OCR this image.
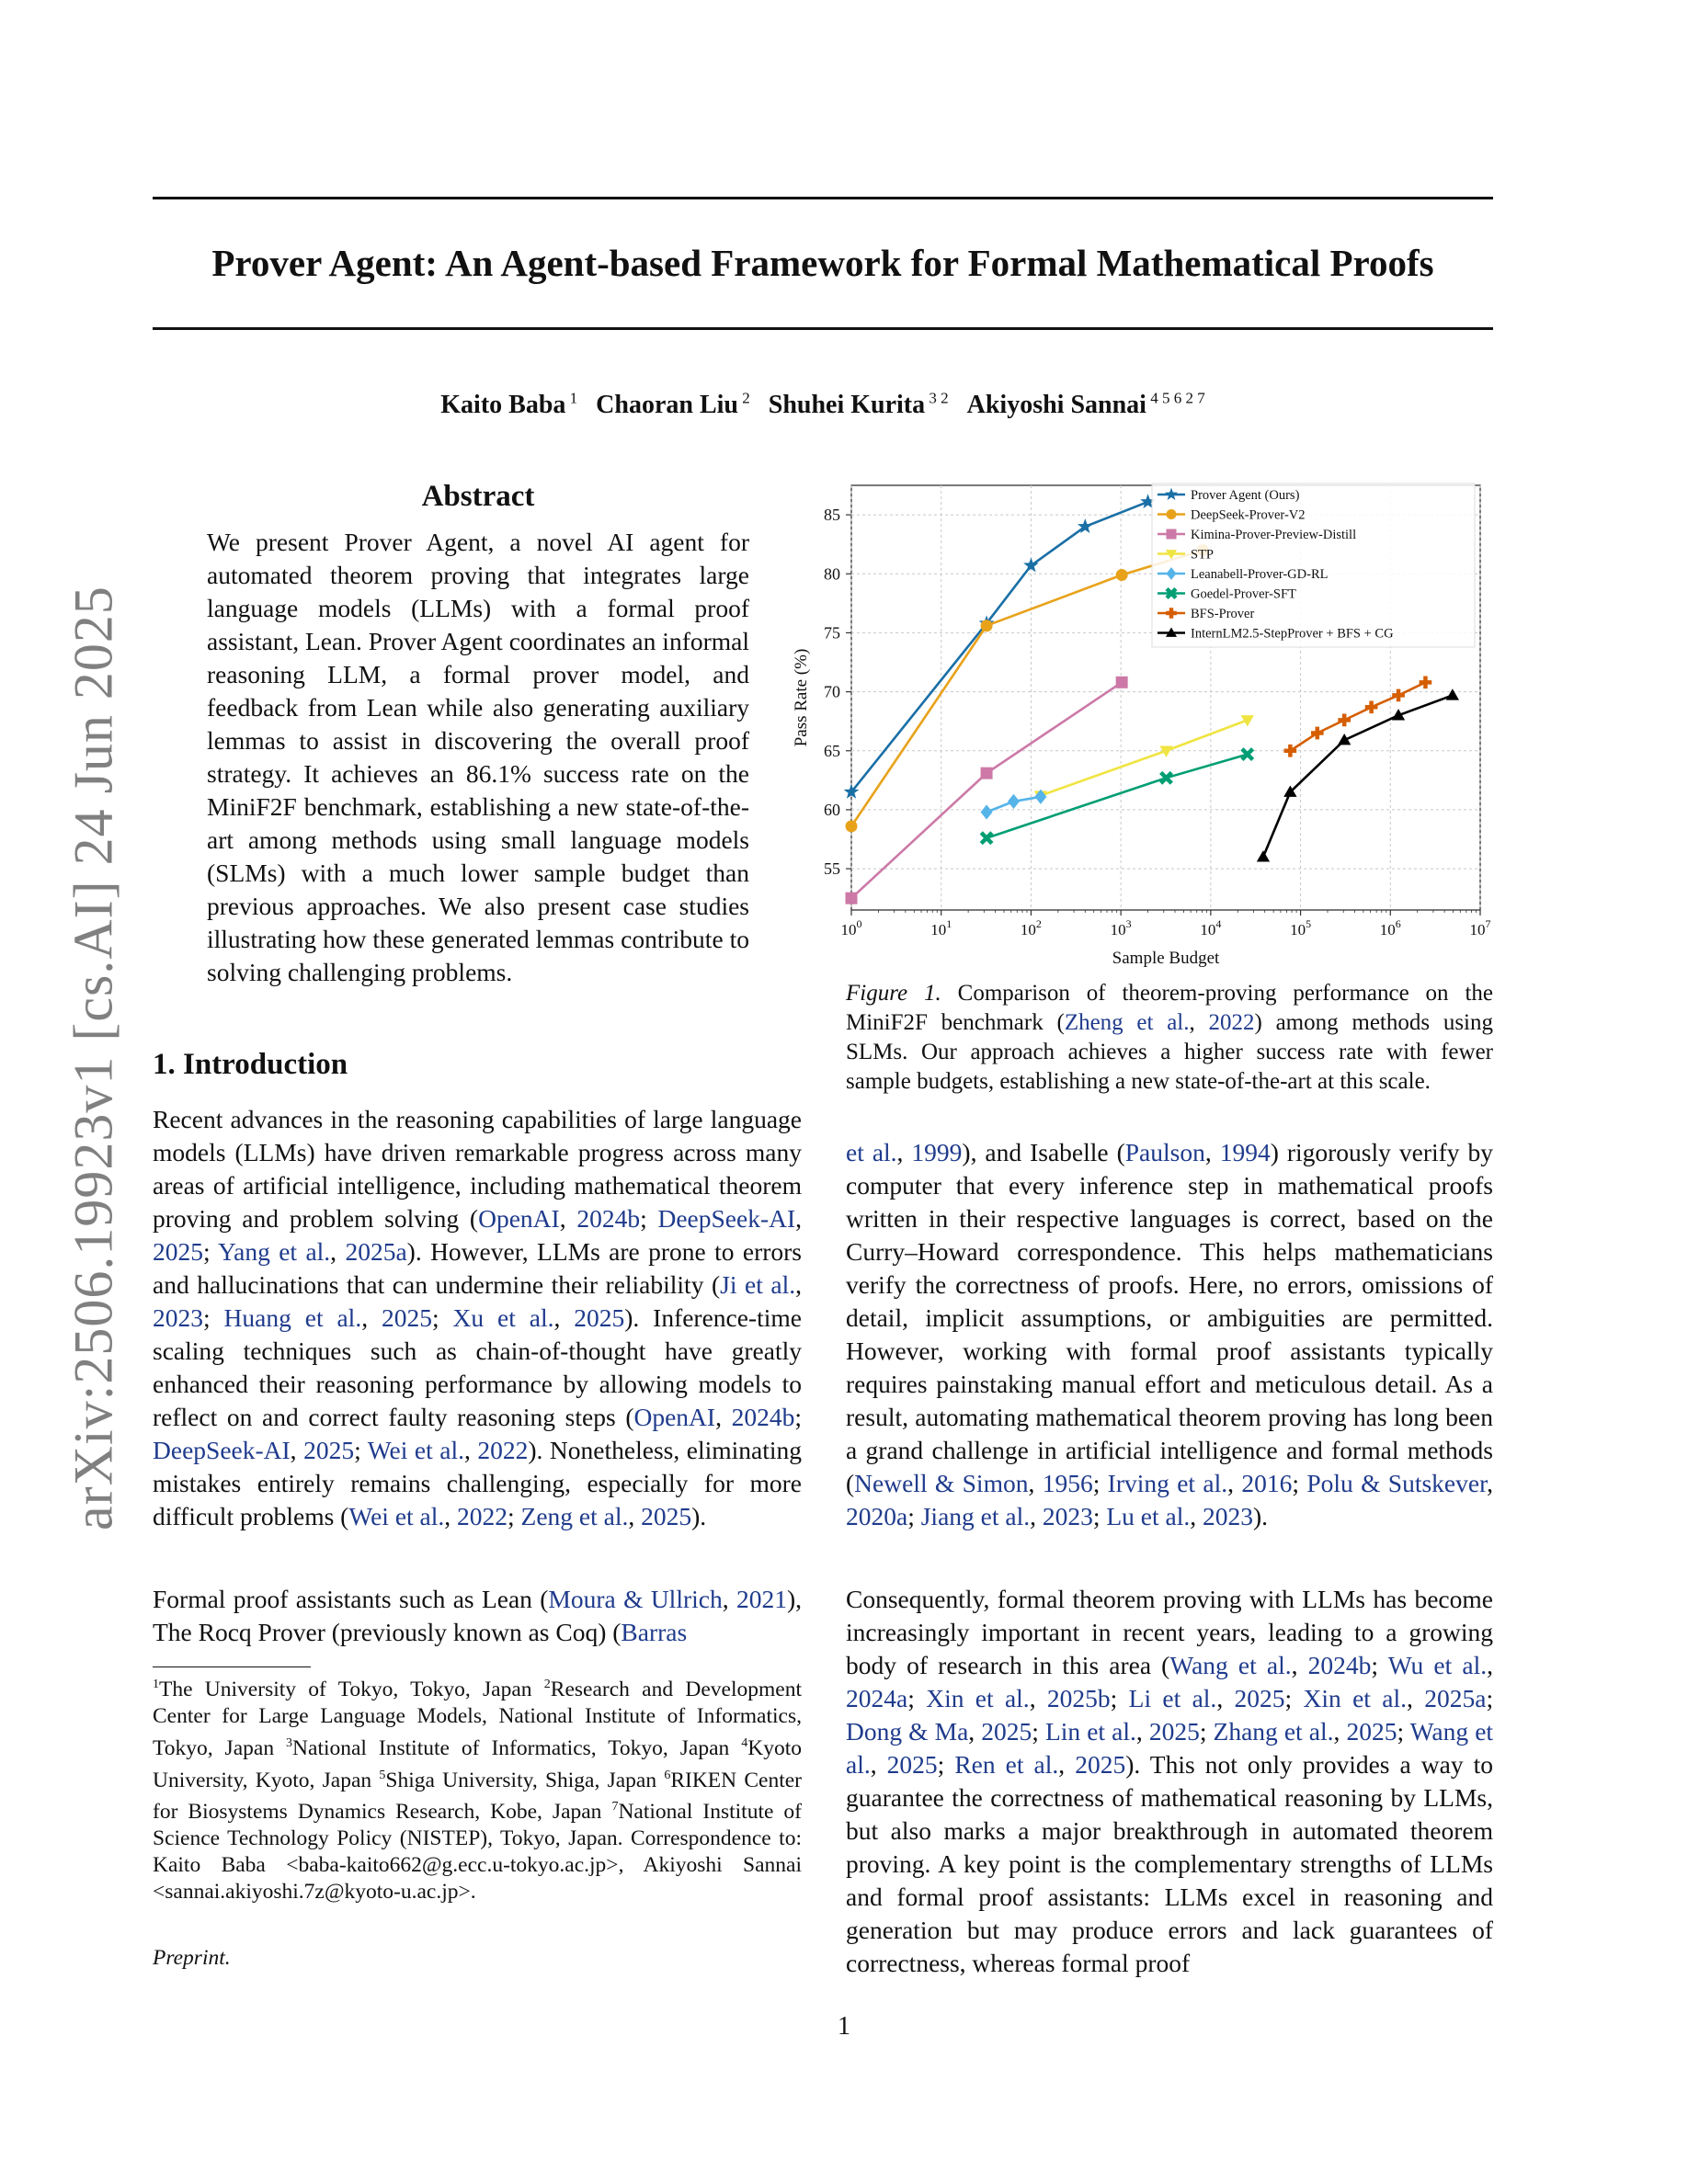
Prover Agent: An Agent-based Framework for Formal Mathematical Proofs
Kaito Baba $^1$ Chaoran Liu $^2$ Shuhei Kurita $^{3 2}$ Akiyoshi Sannai $^{4 5 6 2 7}$
arXiv:2506.19923v1 [cs.AI] 24 Jun 2025
Abstract
We present Prover Agent, a novel AI agent for automated theorem proving that integrates large language models (LLMs) with a formal proof assistant, Lean. Prover Agent coordinates an informal reasoning LLM, a formal prover model, and feedback from Lean while also generating auxiliary lemmas to assist in discovering the overall proof strategy. It achieves an 86.1% success rate on the MiniF2F benchmark, establishing a new state-of-the-art among methods using small language models (SLMs) with a much lower sample budget than previous approaches. We also present case studies illustrating how these generated lemmas contribute to solving challenging problems.
1. Introduction
Recent advances in the reasoning capabilities of large language models (LLMs) have driven remarkable progress across many areas of artificial intelligence, including mathematical theorem proving and problem solving (OpenAI, 2024b; DeepSeek-AI, 2025; Yang et al., 2025a). However, LLMs are prone to errors and hallucinations that can undermine their reliability (Ji et al., 2023; Huang et al., 2025; Xu et al., 2025). Inference-time scaling techniques such as chain-of-thought have greatly enhanced their reasoning performance by allowing models to reflect on and correct faulty reasoning steps (OpenAI, 2024b; DeepSeek-AI, 2025; Wei et al., 2022). Nonetheless, eliminating mistakes entirely remains challenging, especially for more difficult problems (Wei et al., 2022; Zeng et al., 2025).
Formal proof assistants such as Lean (Moura & Ullrich, 2021), The Rocq Prover (previously known as Coq) (Barras
$^1$The University of Tokyo, Tokyo, Japan $^2$Research and Development Center for Large Language Models, National Institute of Informatics, Tokyo, Japan $^3$National Institute of Informatics, Tokyo, Japan $^4$Kyoto University, Kyoto, Japan $^5$Shiga University, Shiga, Japan $^6$RIKEN Center for Biosystems Dynamics Research, Kobe, Japan $^7$National Institute of Science Technology Policy (NISTEP), Tokyo, Japan. Correspondence to: Kaito Baba <baba-kaito662@g.ecc.u-tokyo.ac.jp>, Akiyoshi Sannai <sannai.akiyoshi.7z@kyoto-u.ac.jp>.
Preprint.
$10^0$	$10^1$	$10^2$	$10^3$	$10^4$	$10^5$	$10^6$	$10^7$
55
60
65
70
75
80
85
Sample Budget
Pass Rate (%)
Prover Agent (Ours)
DeepSeek-Prover-V2
Kimina-Prover-Preview-Distill
STP
Leanabell-Prover-GD-RL
Goedel-Prover-SFT
BFS-Prover
InternLM2.5-StepProver + BFS + CG
Figure 1. Comparison of theorem-proving performance on the MiniF2F benchmark (Zheng et al., 2022) among methods using SLMs. Our approach achieves a higher success rate with fewer sample budgets, establishing a new state-of-the-art at this scale.
et al., 1999), and Isabelle (Paulson, 1994) rigorously verify by computer that every inference step in mathematical proofs written in their respective languages is correct, based on the Curry–Howard correspondence. This helps mathematicians verify the correctness of proofs. Here, no errors, omissions of detail, implicit assumptions, or ambiguities are permitted. However, working with formal proof assistants typically requires painstaking manual effort and meticulous detail. As a result, automating mathematical theorem proving has long been a grand challenge in artificial intelligence and formal methods (Newell & Simon, 1956; Irving et al., 2016; Polu & Sutskever, 2020a; Jiang et al., 2023; Lu et al., 2023).
Consequently, formal theorem proving with LLMs has become increasingly important in recent years, leading to a growing body of research in this area (Wang et al., 2024b; Wu et al., 2024a; Xin et al., 2025b; Li et al., 2025; Xin et al., 2025a; Dong & Ma, 2025; Lin et al., 2025; Zhang et al., 2025; Wang et al., 2025; Ren et al., 2025). This not only provides a way to guarantee the correctness of mathematical reasoning by LLMs, but also marks a major breakthrough in automated theorem proving. A key point is the complementary strengths of LLMs and formal proof assistants: LLMs excel in reasoning and generation but may produce errors and lack guarantees of correctness, whereas formal proof
1
